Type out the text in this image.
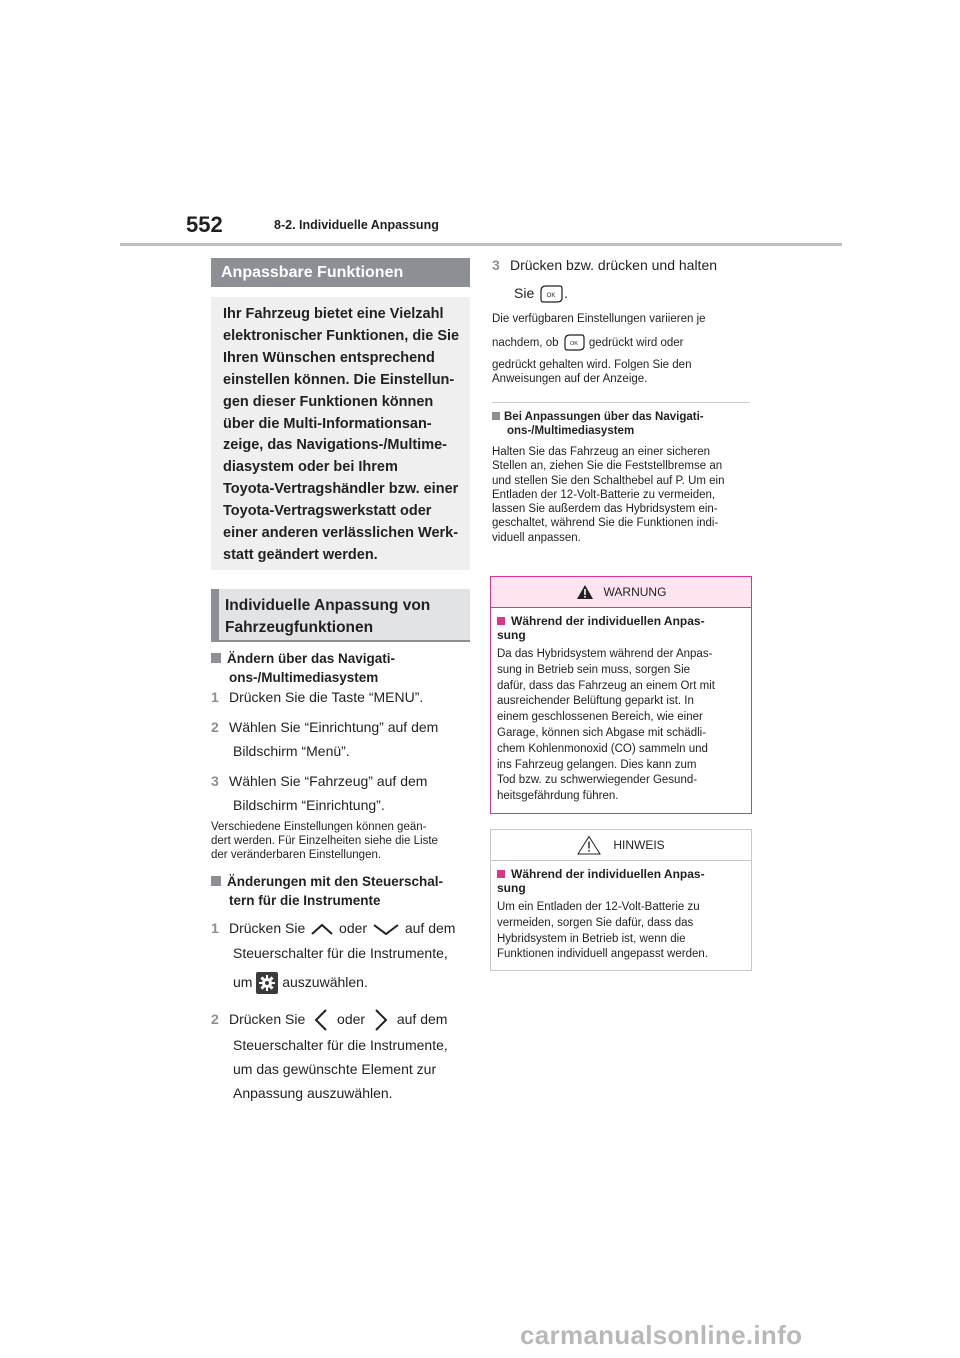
552	8-2. Individuelle Anpassung
Anpassbare Funktionen
Ihr Fahrzeug bietet eine Vielzahl
elektronischer Funktionen, die Sie
Ihren Wünschen entsprechend
einstellen können. Die Einstellun-
gen dieser Funktionen können
über die Multi-Informationsan-
zeige, das Navigations-/Multime-
diasystem oder bei Ihrem
Toyota-Vertragshändler bzw. einer
Toyota-Vertragswerkstatt oder
einer anderen verlässlichen Werk-
statt geändert werden.
Individuelle Anpassung von
Fahrzeugfunktionen
Ändern über das Navigati-
ons-/Multimediasystem
1 Drücken Sie die Taste “MENU”.
2 Wählen Sie “Einrichtung” auf dem
Bildschirm “Menü”.
3 Wählen Sie “Fahrzeug” auf dem
Bildschirm “Einrichtung”.
Verschiedene Einstellungen können geän-
dert werden. Für Einzelheiten siehe die Liste
der veränderbaren Einstellungen.
Änderungen mit den Steuerschal-
tern für die Instrumente
1 Drücken Sie oder	auf dem
Steuerschalter für die Instrumente,
um auszuwählen.
2 Drücken Sie oder auf dem
Steuerschalter für die Instrumente,
um das gewünschte Element zur
Anpassung auszuwählen.
3 Drücken bzw. drücken und halten
Sie OK .
Die verfügbaren Einstellungen variieren je
nachdem, ob OK gedrückt wird oder
gedrückt gehalten wird. Folgen Sie den
Anweisungen auf der Anzeige.
Bei Anpassungen über das Navigati-
ons-/Multimediasystem
Halten Sie das Fahrzeug an einer sicheren
Stellen an, ziehen Sie die Feststellbremse an
und stellen Sie den Schalthebel auf P. Um ein
Entladen der 12-Volt-Batterie zu vermeiden,
lassen Sie außerdem das Hybridsystem ein-
geschaltet, während Sie die Funktionen indi-
viduell anpassen.
WARNUNG
Während der individuellen Anpas-
sung
Da das Hybridsystem während der Anpas-
sung in Betrieb sein muss, sorgen Sie
dafür, dass das Fahrzeug an einem Ort mit
ausreichender Belüftung geparkt ist. In
einem geschlossenen Bereich, wie einer
Garage, können sich Abgase mit schädli-
chem Kohlenmonoxid (CO) sammeln und
ins Fahrzeug gelangen. Dies kann zum
Tod bzw. zu schwerwiegender Gesund-
heitsgefährdung führen.
HINWEIS
Während der individuellen Anpas-
sung
Um ein Entladen der 12-Volt-Batterie zu
vermeiden, sorgen Sie dafür, dass das
Hybridsystem in Betrieb ist, wenn die
Funktionen individuell angepasst werden.
carmanualsonline.info
